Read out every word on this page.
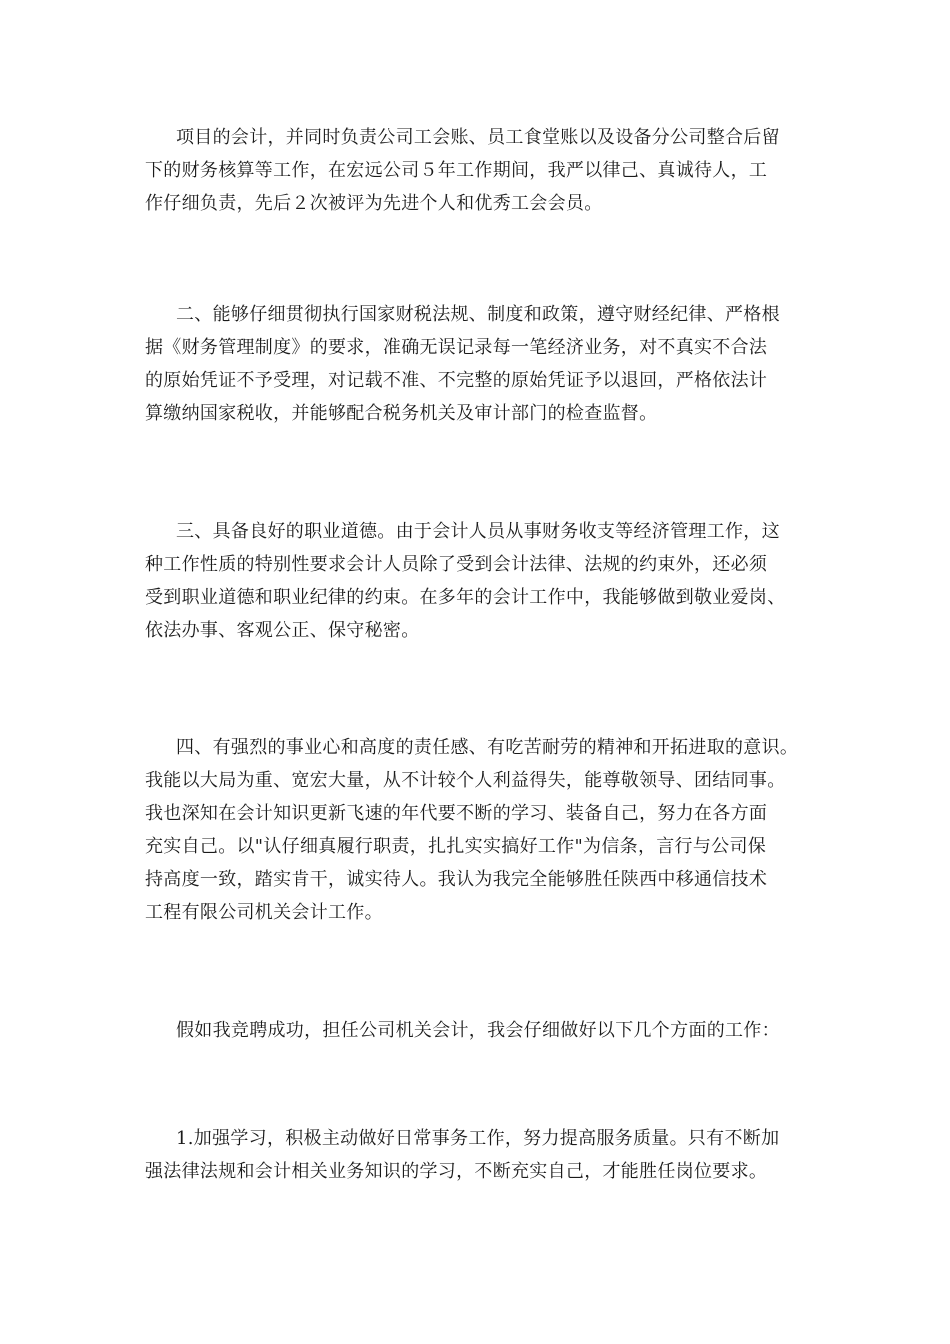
项目的会计，并同时负责公司工会账、员工食堂账以及设备分公司整合后留
下的财务核算等工作，在宏远公司５年工作期间，我严以律己、真诚待人，工
作仔细负责，先后２次被评为先进个人和优秀工会会员。
二、能够仔细贯彻执行国家财税法规、制度和政策，遵守财经纪律、严格根
据《财务管理制度》的要求，准确无误记录每一笔经济业务，对不真实不合法
的原始凭证不予受理，对记载不准、不完整的原始凭证予以退回，严格依法计
算缴纳国家税收，并能够配合税务机关及审计部门的检查监督。
三、具备良好的职业道德。由于会计人员从事财务收支等经济管理工作，这
种工作性质的特别性要求会计人员除了受到会计法律、法规的约束外，还必须
受到职业道德和职业纪律的约束。在多年的会计工作中，我能够做到敬业爱岗、
依法办事、客观公正、保守秘密。
四、有强烈的事业心和高度的责任感、有吃苦耐劳的精神和开拓进取的意识。
我能以大局为重、宽宏大量，从不计较个人利益得失，能尊敬领导、团结同事。
我也深知在会计知识更新飞速的年代要不断的学习、装备自己，努力在各方面
充实自己。以"认仔细真履行职责，扎扎实实搞好工作"为信条，言行与公司保
持高度一致，踏实肯干，诚实待人。我认为我完全能够胜任陕西中移通信技术
工程有限公司机关会计工作。
假如我竞聘成功，担任公司机关会计，我会仔细做好以下几个方面的工作：
1.加强学习，积极主动做好日常事务工作，努力提高服务质量。只有不断加
强法律法规和会计相关业务知识的学习，不断充实自己，才能胜任岗位要求。
